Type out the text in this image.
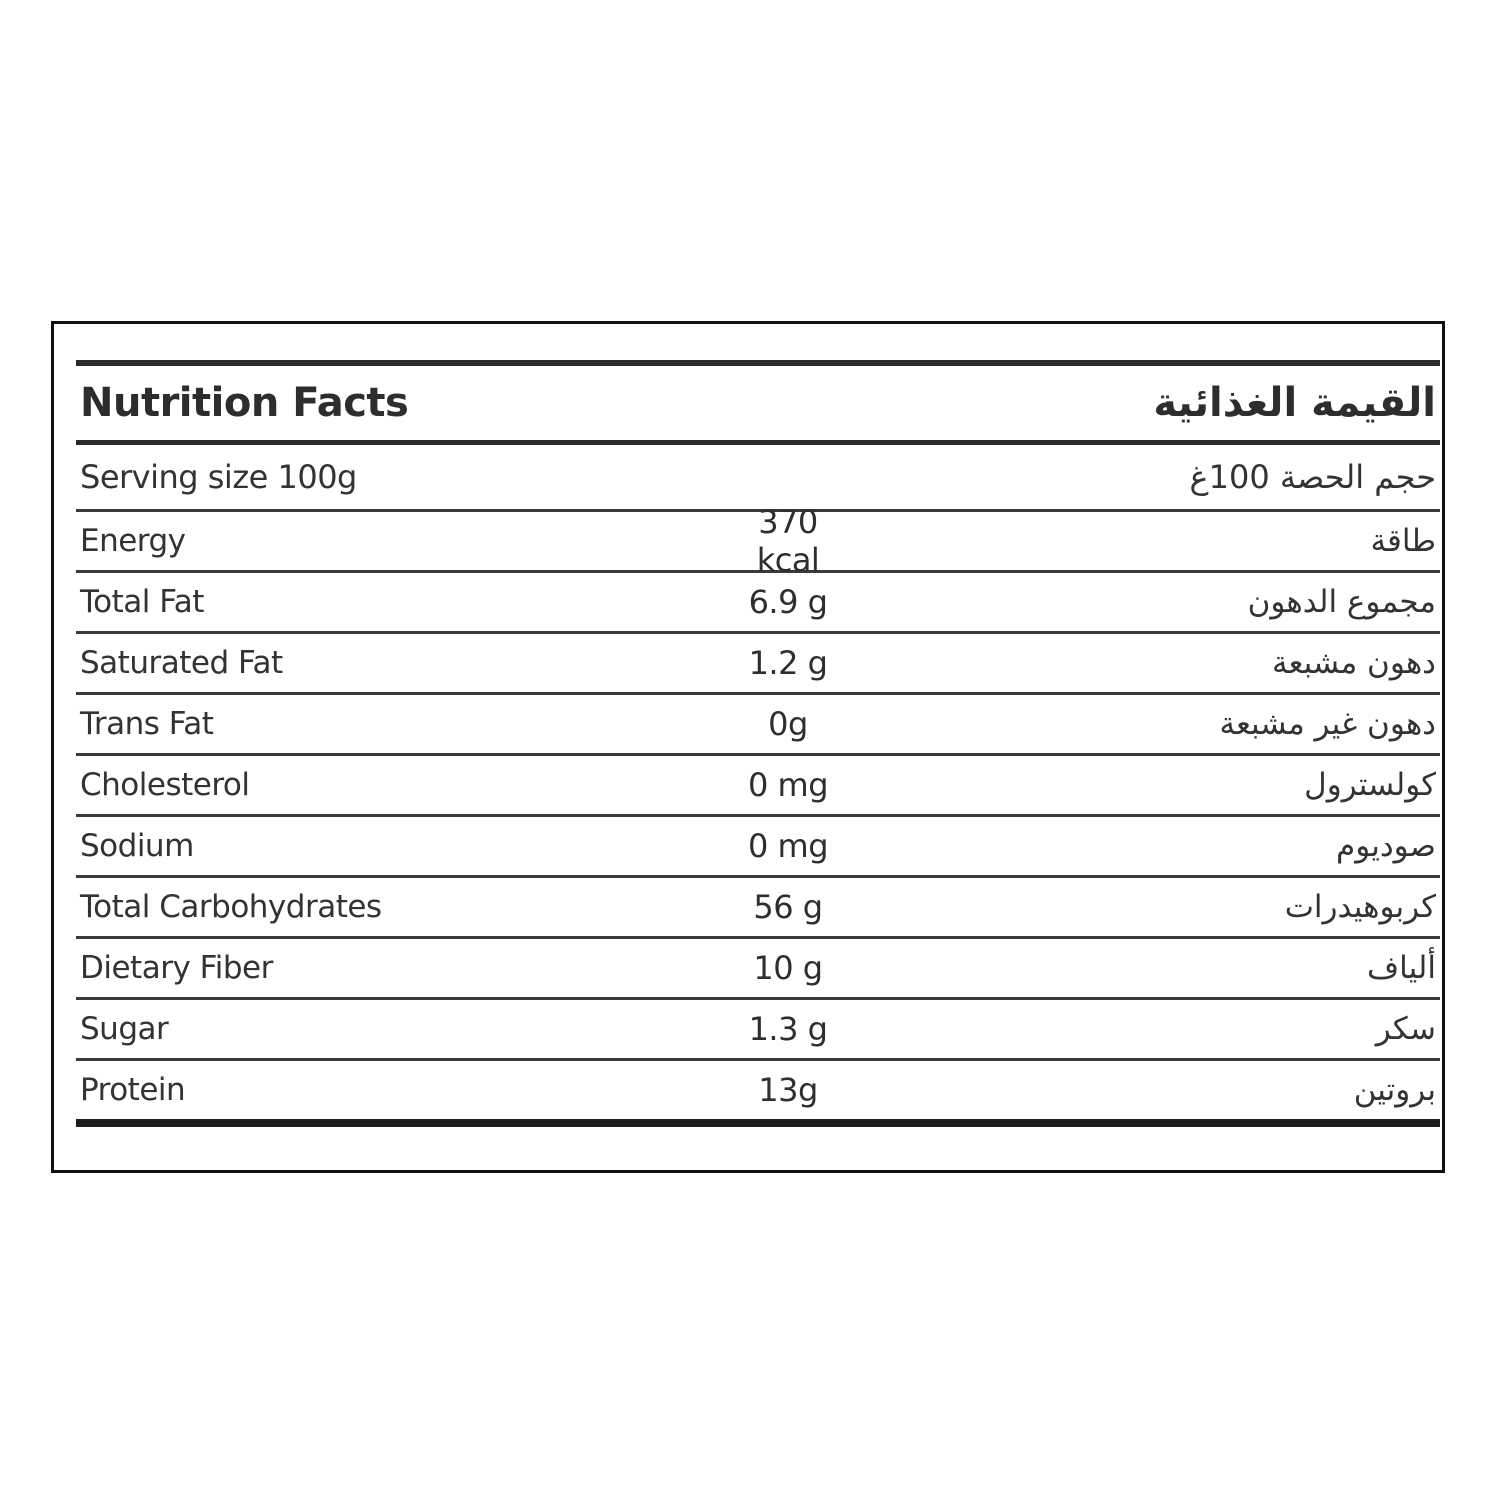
Nutrition Facts	القيمة الغذائية
Serving size 100g	حجم الحصة 100غ
Energy	370 kcal	طاقة
Total Fat	6.9 g	مجموع الدهون
Saturated Fat	1.2 g	دهون مشبعة
Trans Fat	0g	دهون غير مشبعة
Cholesterol	0 mg	كولسترول
Sodium	0 mg	صوديوم
Total Carbohydrates	56 g	كربوهيدرات
Dietary Fiber	10 g	ألياف
Sugar	1.3 g	سكر
Protein	13g	بروتين
